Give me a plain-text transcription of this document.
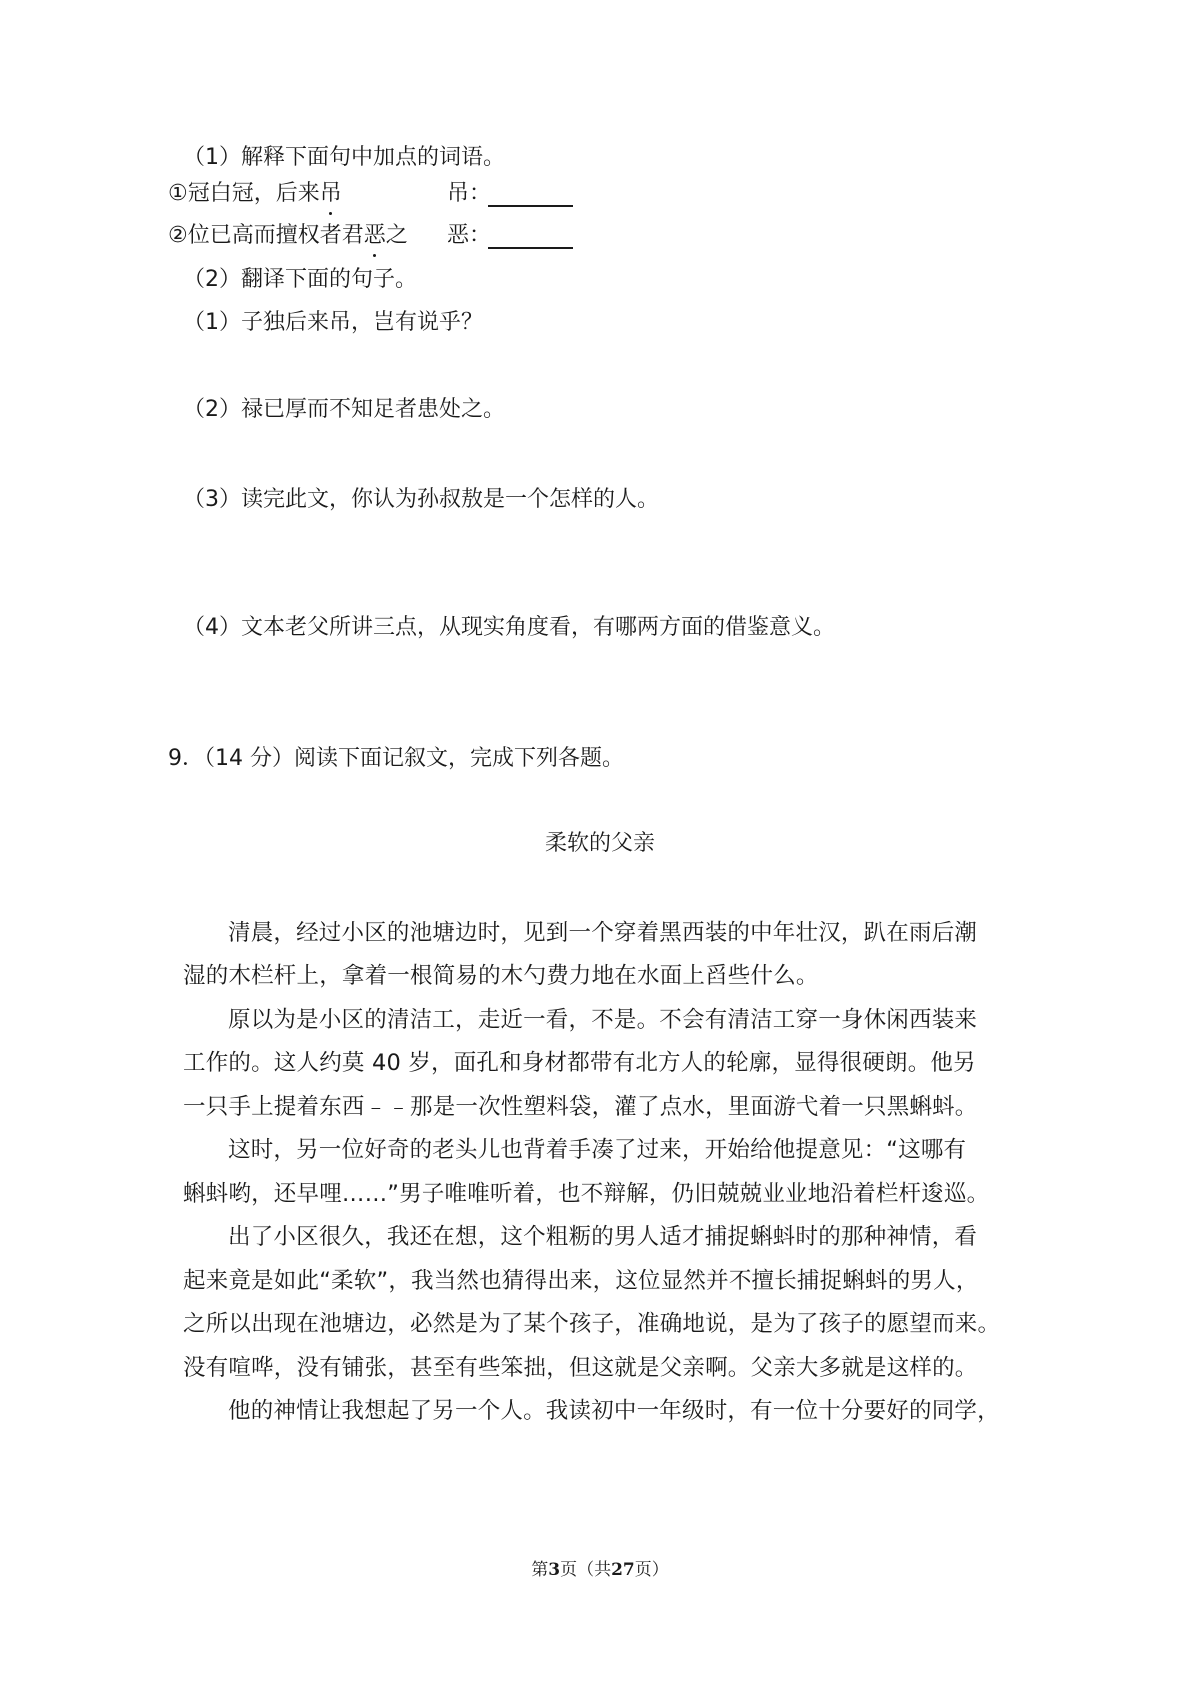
（1）解释下面句中加点的词语。
①冠白冠，后来吊	吊：
②位已高而擅权者君恶之 恶：
（2）翻译下面的句子。
（1）子独后来吊，岂有说乎？
（2）禄已厚而不知足者患处之。
（3）读完此文，你认为孙叔敖是一个怎样的人。
（4）文本老父所讲三点，从现实角度看，有哪两方面的借鉴意义。
9．（14 分）阅读下面记叙文，完成下列各题。
柔软的父亲
清晨，经过小区的池塘边时，见到一个穿着黑西装的中年壮汉，趴在雨后潮
湿的木栏杆上，拿着一根简易的木勺费力地在水面上舀些什么。
原以为是小区的清洁工，走近一看，不是。不会有清洁工穿一身休闲西装来
工作的。这人约莫 40 岁，面孔和身材都带有北方人的轮廓，显得很硬朗。他另
一只手上提着东西﹣﹣那是一次性塑料袋，灌了点水，里面游弋着一只黑蝌蚪。
这时，另一位好奇的老头儿也背着手凑了过来，开始给他提意见：“这哪有
蝌蚪哟，还早哩……”男子唯唯听着，也不辩解，仍旧兢兢业业地沿着栏杆逡巡。
出了小区很久，我还在想，这个粗粝的男人适才捕捉蝌蚪时的那种神情，看
起来竟是如此“柔软”，我当然也猜得出来，这位显然并不擅长捕捉蝌蚪的男人，
之所以出现在池塘边，必然是为了某个孩子，准确地说，是为了孩子的愿望而来。
没有喧哗，没有铺张，甚至有些笨拙，但这就是父亲啊。父亲大多就是这样的。
他的神情让我想起了另一个人。我读初中一年级时，有一位十分要好的同学，
第3页（共27页）
